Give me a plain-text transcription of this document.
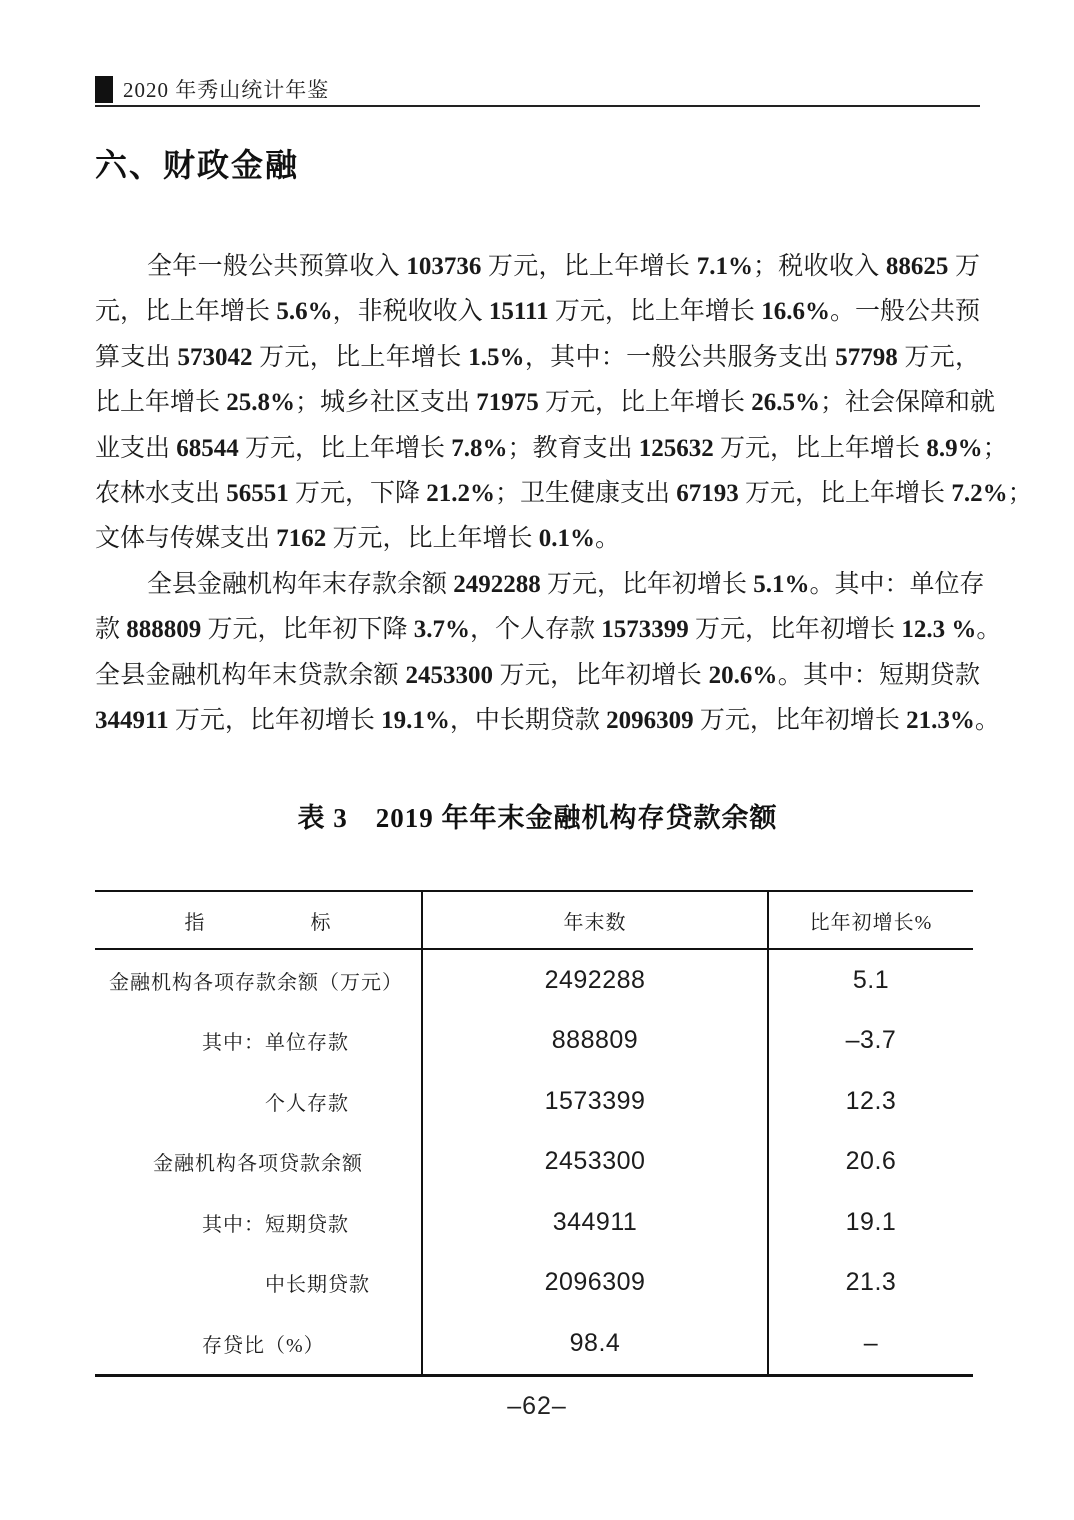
2020 年秀山统计年鉴
六、财政金融
全年一般公共预算收入 103736 万元，比上年增长 7.1%；税收收入 88625 万
元，比上年增长 5.6%，非税收收入 15111 万元，比上年增长 16.6%。一般公共预
算支出 573042 万元，比上年增长 1.5%，其中：一般公共服务支出 57798 万元，
比上年增长 25.8%；城乡社区支出 71975 万元，比上年增长 26.5%；社会保障和就
业支出 68544 万元，比上年增长 7.8%；教育支出 125632 万元，比上年增长 8.9%；
农林水支出 56551 万元，下降 21.2%；卫生健康支出 67193 万元，比上年增长 7.2%；
文体与传媒支出 7162 万元，比上年增长 0.1%。
全县金融机构年末存款余额 2492288 万元，比年初增长 5.1%。其中：单位存
款 888809 万元，比年初下降 3.7%，个人存款 1573399 万元，比年初增长 12.3 %。
全县金融机构年末贷款余额 2453300 万元，比年初增长 20.6%。其中：短期贷款
344911 万元，比年初增长 19.1%，中长期贷款 2096309 万元，比年初增长 21.3%。
表 3　2019 年年末金融机构存贷款余额
指　　　　　标	年末数	比年初增长%
金融机构各项存款余额（万元）	2492288	5.1
其中：单位存款	888809	–3.7
个人存款	1573399	12.3
金融机构各项贷款余额	2453300	20.6
其中：短期贷款	344911	19.1
中长期贷款	2096309	21.3
存贷比（%）	98.4	–
–62–
